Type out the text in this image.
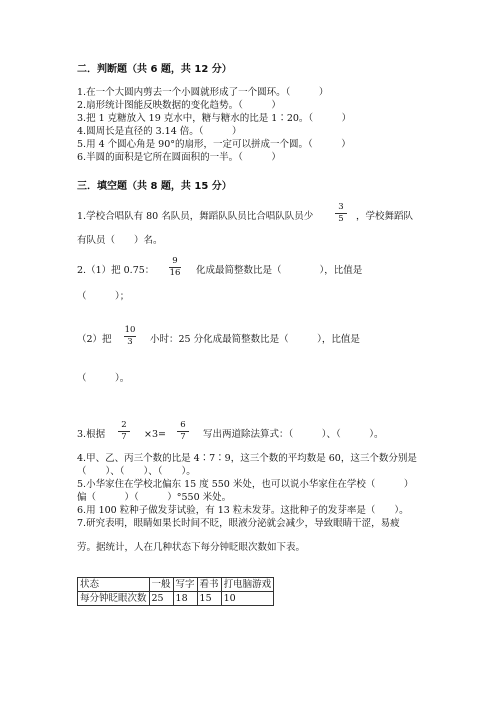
二．判断题（共 6 题，共 12 分）
1.在一个大圆内剪去一个小圆就形成了一个圆环。（　　　）
2.扇形统计图能反映数据的变化趋势。（　　　）
3.把 1 克糖放入 19 克水中，糖与糖水的比是 1∶20。（　　　）
4.圆周长是直径的 3.14 倍。（　　　）
5.用 4 个圆心角是 90°的扇形，一定可以拼成一个圆。（　　　）
6.半圆的面积是它所在圆面积的一半。（　　　）
三．填空题（共 8 题，共 15 分）
1.学校合唱队有 80 名队员，舞蹈队队员比合唱队队员少
3
5	，学校舞蹈队
有队员（　　）名。
2.（1）把 0.75：
9
16 化成最简整数比是（　　　　），比值是
（　　　）；
（2）把
10
3	小时：25 分化成最简整数比是（　　　），比值是
（　　　）。
3.根据
2
7	×3=
6
7	写出两道除法算式：（　　　）、（　　　）。
4.甲、乙、丙三个数的比是 4∶7∶9，这三个数的平均数是 60，这三个数分别是
（　　）、（　　）、（　　）。
5.小华家住在学校北偏东 15 度 550 米处，也可以说小华家住在学校（　　　）
偏（　　　）（　　　）°550 米处。
6.用 100 粒种子做发芽试验，有 13 粒未发芽。这批种子的发芽率是（　　）。
7.研究表明，眼睛如果长时间不眨，眼液分泌就会减少，导致眼睛干涩，易疲
劳。据统计，人在几种状态下每分钟眨眼次数如下表。
状态	一般	写字	看书	打电脑游戏
每分钟眨眼次数	25	18	15	10
